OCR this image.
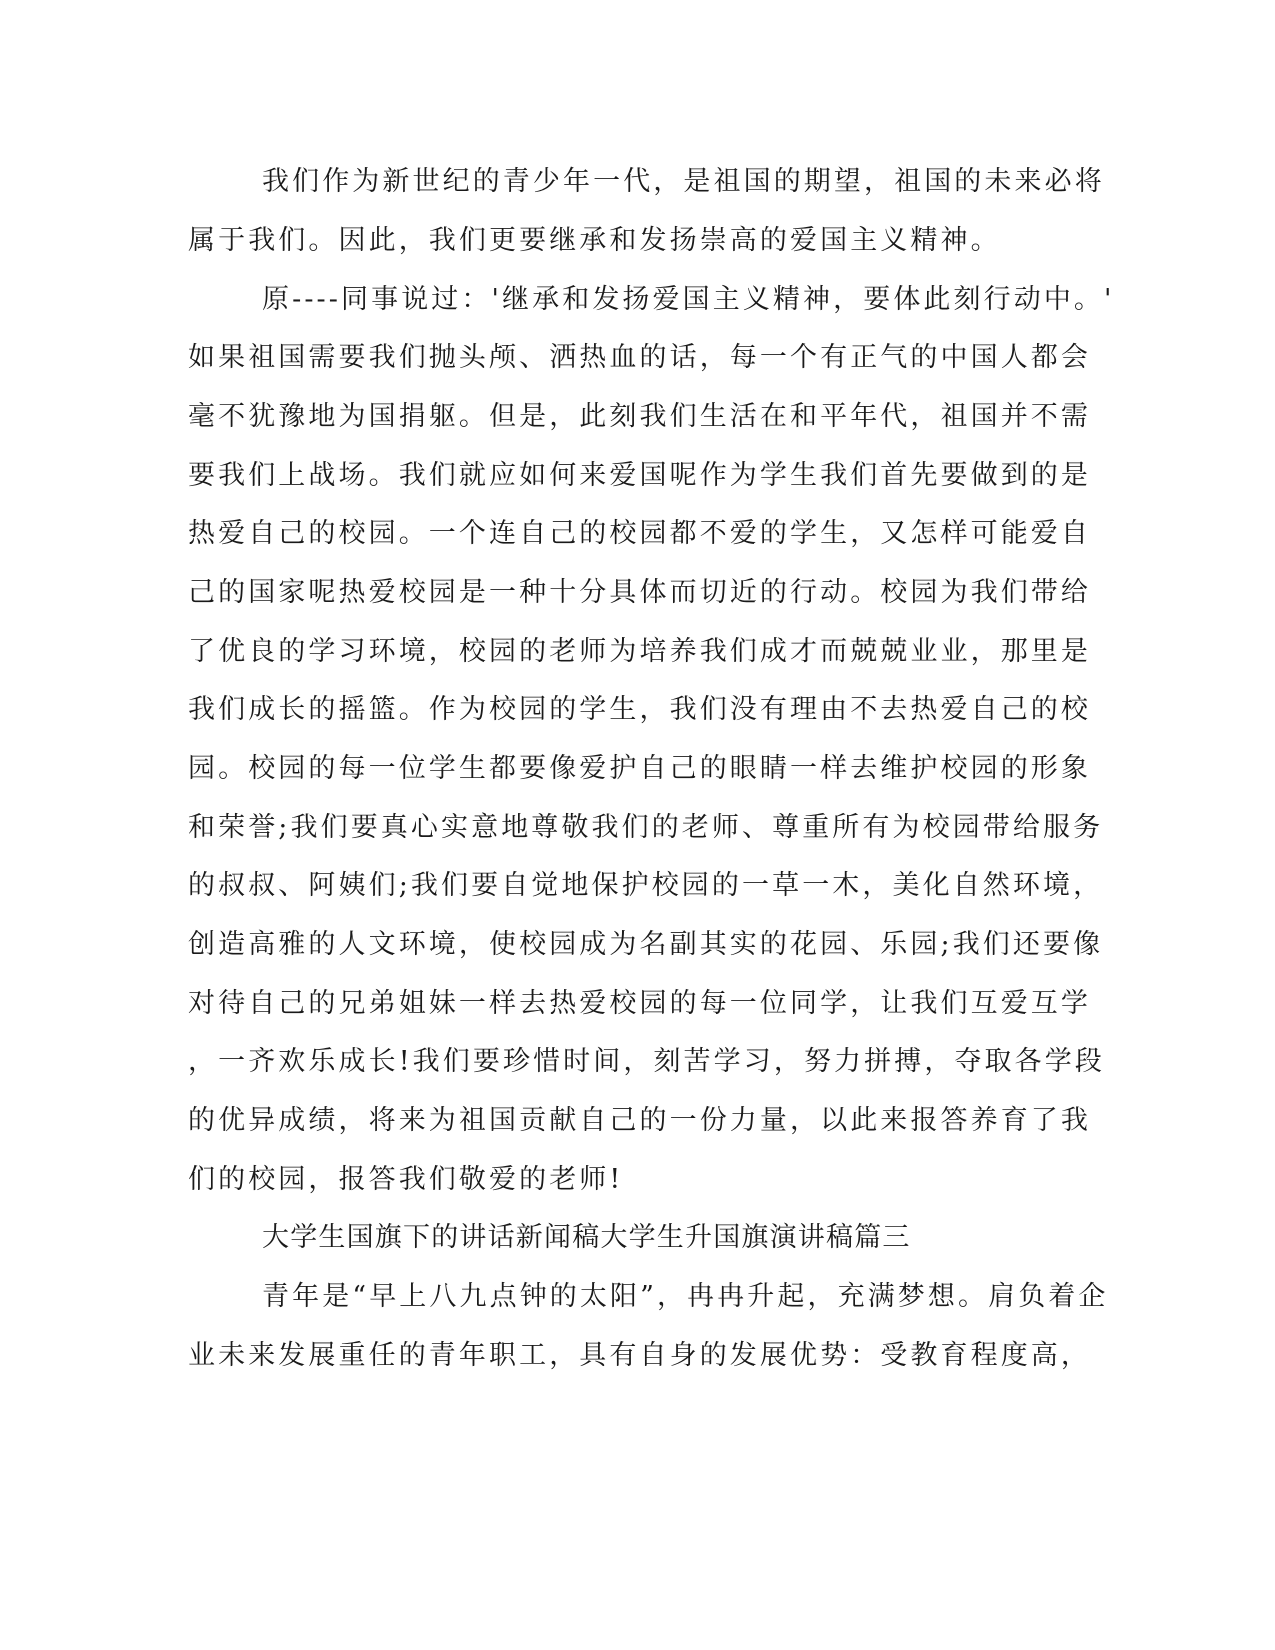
我们作为新世纪的青少年一代，是祖国的期望，祖国的未来必将
属于我们。因此，我们更要继承和发扬崇高的爱国主义精神。
原----同事说过：'继承和发扬爱国主义精神，要体此刻行动中。'
如果祖国需要我们抛头颅、洒热血的话，每一个有正气的中国人都会
毫不犹豫地为国捐躯。但是，此刻我们生活在和平年代，祖国并不需
要我们上战场。我们就应如何来爱国呢作为学生我们首先要做到的是
热爱自己的校园。一个连自己的校园都不爱的学生，又怎样可能爱自
己的国家呢热爱校园是一种十分具体而切近的行动。校园为我们带给
了优良的学习环境，校园的老师为培养我们成才而兢兢业业，那里是
我们成长的摇篮。作为校园的学生，我们没有理由不去热爱自己的校
园。校园的每一位学生都要像爱护自己的眼睛一样去维护校园的形象
和荣誉;我们要真心实意地尊敬我们的老师、尊重所有为校园带给服务
的叔叔、阿姨们;我们要自觉地保护校园的一草一木，美化自然环境，
创造高雅的人文环境，使校园成为名副其实的花园、乐园;我们还要像
对待自己的兄弟姐妹一样去热爱校园的每一位同学，让我们互爱互学
，一齐欢乐成长!我们要珍惜时间，刻苦学习，努力拼搏，夺取各学段
的优异成绩，将来为祖国贡献自己的一份力量，以此来报答养育了我
们的校园，报答我们敬爱的老师!
大学生国旗下的讲话新闻稿大学生升国旗演讲稿篇三
青年是“早上八九点钟的太阳”，冉冉升起，充满梦想。肩负着企
业未来发展重任的青年职工，具有自身的发展优势：受教育程度高，
